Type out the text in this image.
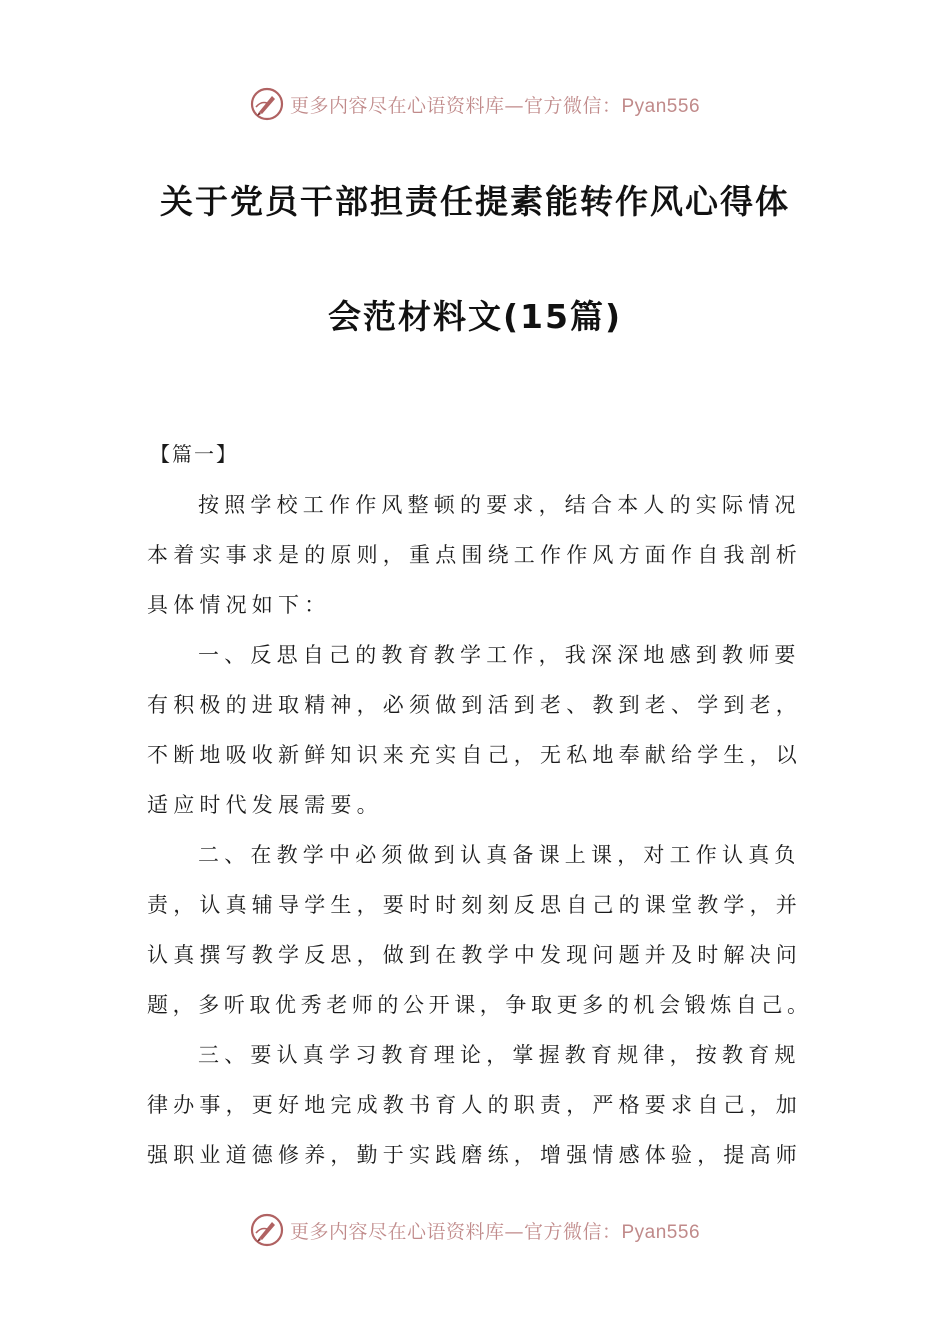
更多内容尽在心语资料库—官方微信：Pyan556
关于党员干部担责任提素能转作风心得体
会范材料文(15篇)
【篇一】
按照学校工作作风整顿的要求，结合本人的实际情况
本着实事求是的原则，重点围绕工作作风方面作自我剖析
具体情况如下：
一、反思自己的教育教学工作，我深深地感到教师要
有积极的进取精神，必须做到活到老、教到老、学到老，
不断地吸收新鲜知识来充实自己，无私地奉献给学生，以
适应时代发展需要。
二、在教学中必须做到认真备课上课，对工作认真负
责，认真辅导学生，要时时刻刻反思自己的课堂教学，并
认真撰写教学反思，做到在教学中发现问题并及时解决问
题，多听取优秀老师的公开课，争取更多的机会锻炼自己。
三、要认真学习教育理论，掌握教育规律，按教育规
律办事，更好地完成教书育人的职责，严格要求自己，加
强职业道德修养，勤于实践磨练，增强情感体验，提高师
更多内容尽在心语资料库—官方微信：Pyan556
